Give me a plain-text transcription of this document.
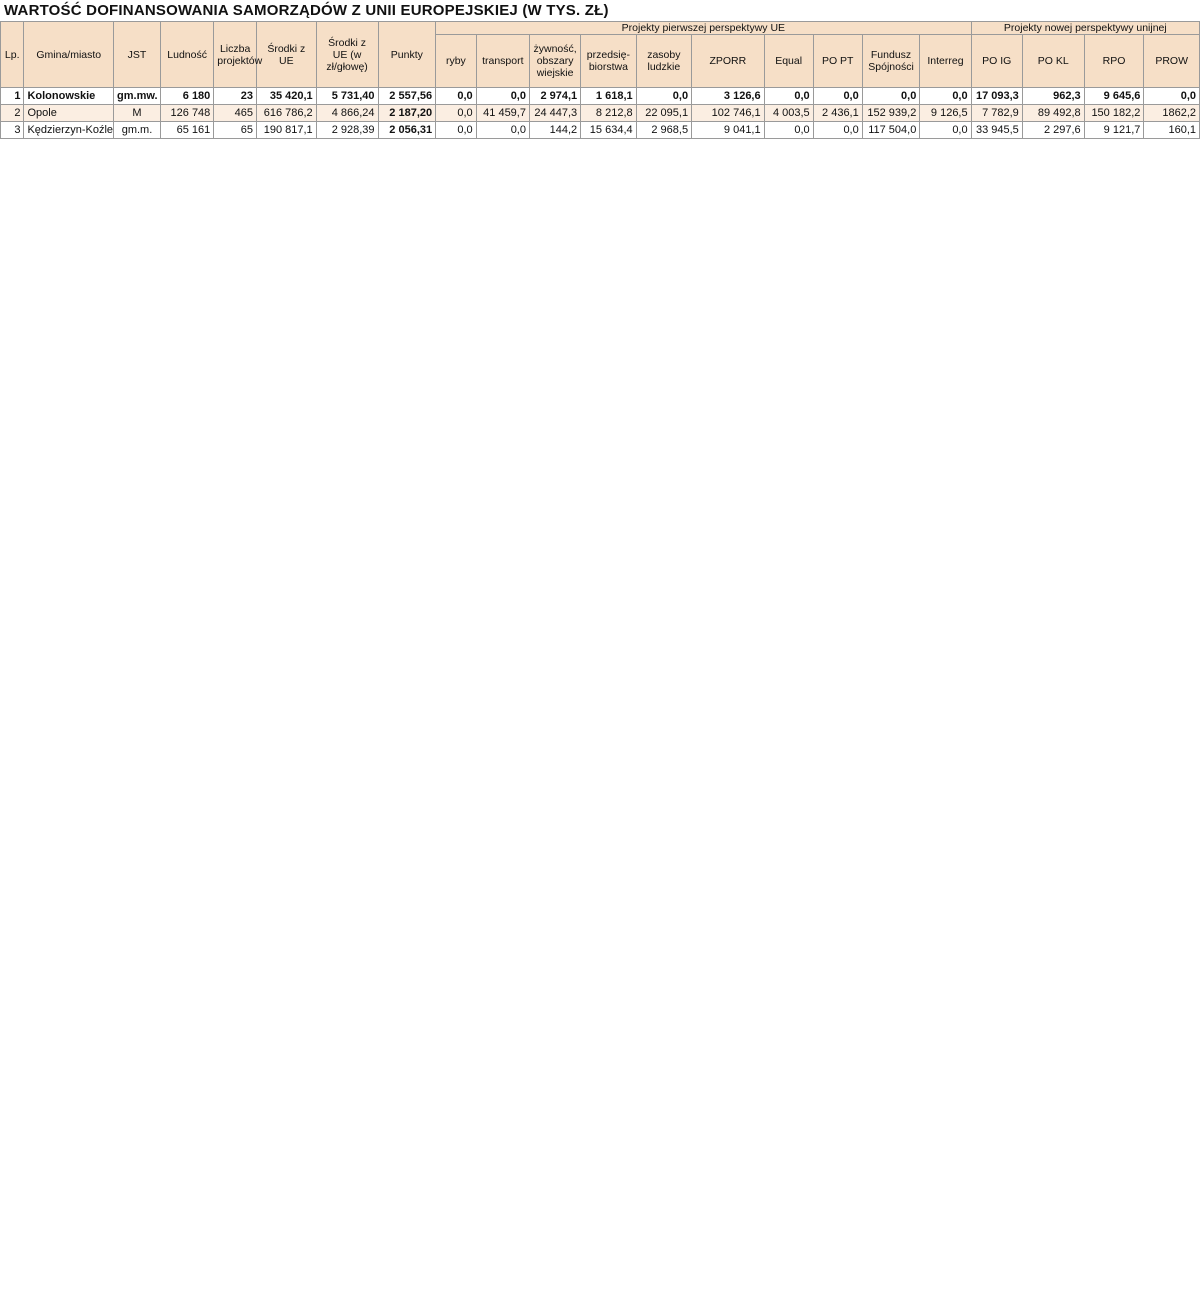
WARTOŚĆ DOFINANSOWANIA SAMORZĄDÓW Z UNII EUROPEJSKIEJ (W TYS. ZŁ)
Lp.	Gmina/miasto	JST	Ludność	Liczba projektów	Środki z UE	Środki z UE (w zł/głowę)	Punkty	Projekty pierwszej perspektywy UE										Projekty nowej perspektywy unijnej			
								ryby	transport	żywność, obszary wiejskie	przedsię-biorstwa	zasoby ludzkie	ZPORR	Equal	PO PT	Fundusz Spójności	Interreg	PO IG	PO KL	RPO	PROW
1	Kolonowskie	gm.mw.	6 180	23	35 420,1	5 731,40	2 557,56	0,0	0,0	2 974,1	1 618,1	0,0	3 126,6	0,0	0,0	0,0	0,0	17 093,3	962,3	9 645,6	0,0
2	Opole	M	126 748	465	616 786,2	4 866,24	2 187,20	0,0	41 459,7	24 447,3	8 212,8	22 095,1	102 746,1	4 003,5	2 436,1	152 939,2	9 126,5	7 782,9	89 492,8	150 182,2	1862,2
3	Kędzierzyn-Koźle	gm.m.	65 161	65	190 817,1	2 928,39	2 056,31	0,0	0,0	144,2	15 634,4	2 968,5	9 041,1	0,0	0,0	117 504,0	0,0	33 945,5	2 297,6	9 121,7	160,1
